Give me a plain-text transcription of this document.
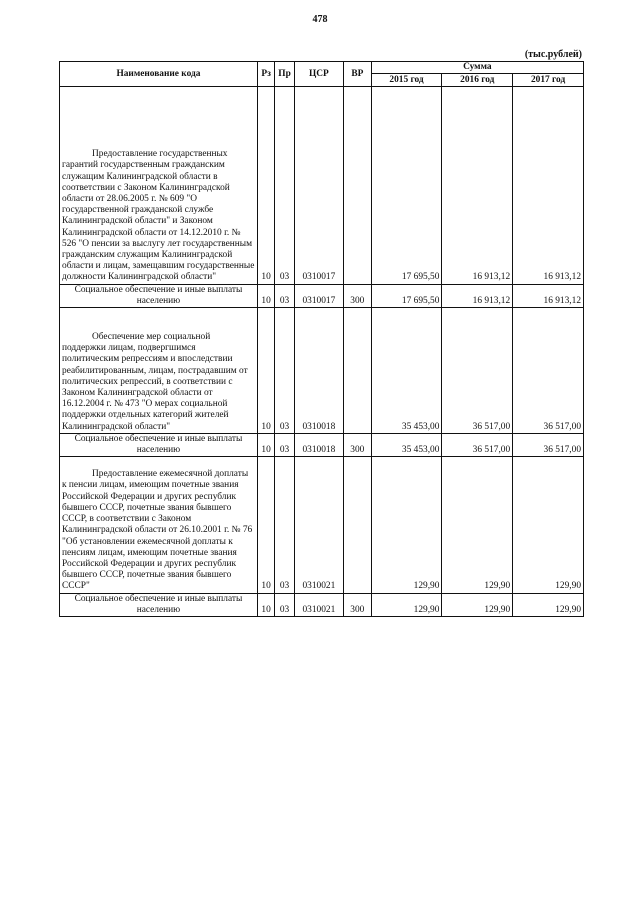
478
(тыс.рублей)
Наименование кода	Рз	Пр	ЦСР	ВР	Сумма		
					2015 год	2016 год	2017 год

Предоставление государственных гарантий государственным гражданским служащим Калининградской области в соответствии с Законом Калининградской области от 28.06.2005 г. № 609 "О государственной гражданской службе Калининградской области" и Законом Калининградской области от 14.12.2010 г. № 526 "О пенсии за выслугу лет государственным гражданским служащим Калининградской области и лицам, замещавшим государственные должности Калининградской области"	10	03	0310017		17 695,50	16 913,12	16 913,12
Социальное обеспечение и иные выплаты населению	10	03	0310017	300	17 695,50	16 913,12	16 913,12

Обеспечение мер социальной поддержки лицам, подвергшимся политическим репрессиям и впоследствии реабилитированным, лицам, пострадавшим от политических репрессий, в соответствии с Законом Калининградской области от 16.12.2004 г. № 473 "О мерах социальной поддержки отдельных категорий жителей Калининградской области"	10	03	0310018		35 453,00	36 517,00	36 517,00
Социальное обеспечение и иные выплаты населению	10	03	0310018	300	35 453,00	36 517,00	36 517,00

Предоставление ежемесячной доплаты к пенсии лицам, имеющим почетные звания Российской Федерации и других республик бывшего СССР, почетные звания бывшего СССР, в соответствии с Законом Калининградской области от 26.10.2001 г. № 76 "Об установлении ежемесячной доплаты к пенсиям лицам, имеющим почетные звания Российской Федерации и других республик бывшего СССР, почетные звания бывшего СССР"	10	03	0310021		129,90	129,90	129,90
Социальное обеспечение и иные выплаты населению	10	03	0310021	300	129,90	129,90	129,90
